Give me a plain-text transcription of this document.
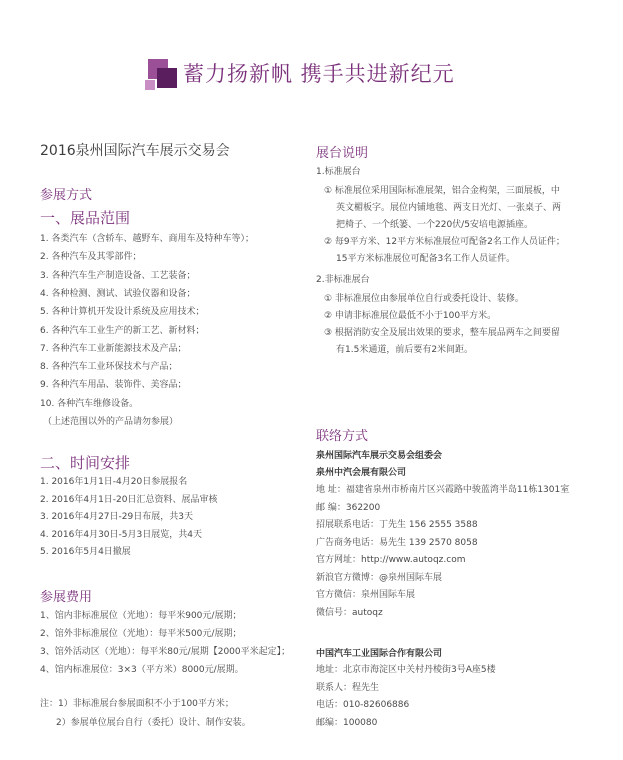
蓄力扬新帆 携手共进新纪元
2016泉州国际汽车展示交易会
参展方式
一、展品范围
1. 各类汽车（含轿车、越野车、商用车及特种车等）；
2. 各种汽车及其零部件；
3. 各种汽车生产制造设备、工艺装备；
4. 各种检测、测试、试验仪器和设备；
5. 各种计算机开发设计系统及应用技术；
6. 各种汽车工业生产的新工艺、新材料；
7. 各种汽车工业新能源技术及产品；
8. 各种汽车工业环保技术与产品；
9. 各种汽车用品、装饰件、美容品；
10. 各种汽车维修设备。
（上述范围以外的产品请勿参展）
二、时间安排
1. 2016年1月1日-4月20日参展报名
2. 2016年4月1日-20日汇总资料、展品审核
3. 2016年4月27日-29日布展，共3天
4. 2016年4月30日-5月3日展览，共4天
5. 2016年5月4日撤展
参展费用
1、馆内非标准展位（光地）：每平米900元/展期；
2、馆外非标准展位（光地）：每平米500元/展期；
3、馆外活动区（光地）：每平米80元/展期【2000平米起定】；
4、馆内标准展位：3×3（平方米）8000元/展期。
注：1）非标准展台参展面积不小于100平方米；
2）参展单位展台自行（委托）设计、制作安装。
展台说明
1.标准展台
① 标准展位采用国际标准展架，铝合金构架，三面展板，中
英文楣板字。展位内铺地毯、两支日光灯、一张桌子、两
把椅子、一个纸篓、一个220伏/5安培电源插座。
② 每9平方米、12平方米标准展位可配备2名工作人员证件；
15平方米标准展位可配备3名工作人员证件。
2.非标准展台
① 非标准展位由参展单位自行或委托设计、装修。
② 申请非标准展位最低不小于100平方米。
③ 根据消防安全及展出效果的要求，整车展品两车之间要留
有1.5米通道，前后要有2米间距。
联络方式
泉州国际汽车展示交易会组委会
泉州中汽会展有限公司
地 址：福建省泉州市桥南片区兴霞路中骏蓝湾半岛11栋1301室
邮 编：362200
招展联系电话：丁先生 156 2555 3588
广告商务电话：易先生 139 2570 8058
官方网址：http://www.autoqz.com
新浪官方微博：@泉州国际车展
官方微信：泉州国际车展
微信号：autoqz
中国汽车工业国际合作有限公司
地址：北京市海淀区中关村丹棱街3号A座5楼
联系人：程先生
电话：010-82606886
邮编：100080
